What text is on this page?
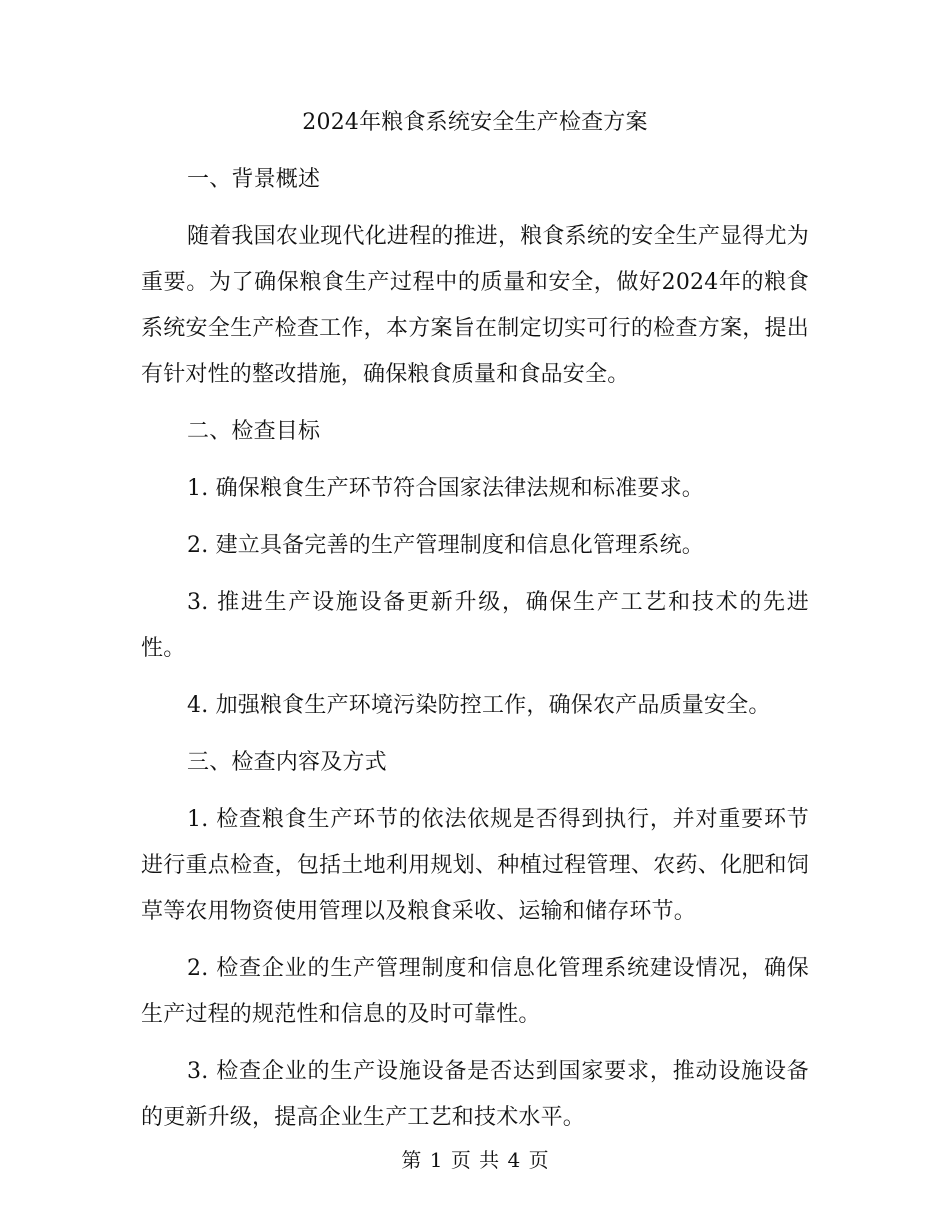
2024年粮食系统安全生产检查方案

一、背景概述

随着我国农业现代化进程的推进，粮食系统的安全生产显得尤为重要。为了确保粮食生产过程中的质量和安全，做好2024年的粮食系统安全生产检查工作，本方案旨在制定切实可行的检查方案，提出有针对性的整改措施，确保粮食质量和食品安全。

二、检查目标

1. 确保粮食生产环节符合国家法律法规和标准要求。

2. 建立具备完善的生产管理制度和信息化管理系统。

3. 推进生产设施设备更新升级，确保生产工艺和技术的先进性。

4. 加强粮食生产环境污染防控工作，确保农产品质量安全。

三、检查内容及方式

1. 检查粮食生产环节的依法依规是否得到执行，并对重要环节进行重点检查，包括土地利用规划、种植过程管理、农药、化肥和饲草等农用物资使用管理以及粮食采收、运输和储存环节。

2. 检查企业的生产管理制度和信息化管理系统建设情况，确保生产过程的规范性和信息的及时可靠性。

3. 检查企业的生产设施设备是否达到国家要求，推动设施设备的更新升级，提高企业生产工艺和技术水平。

第 1 页 共 4 页
